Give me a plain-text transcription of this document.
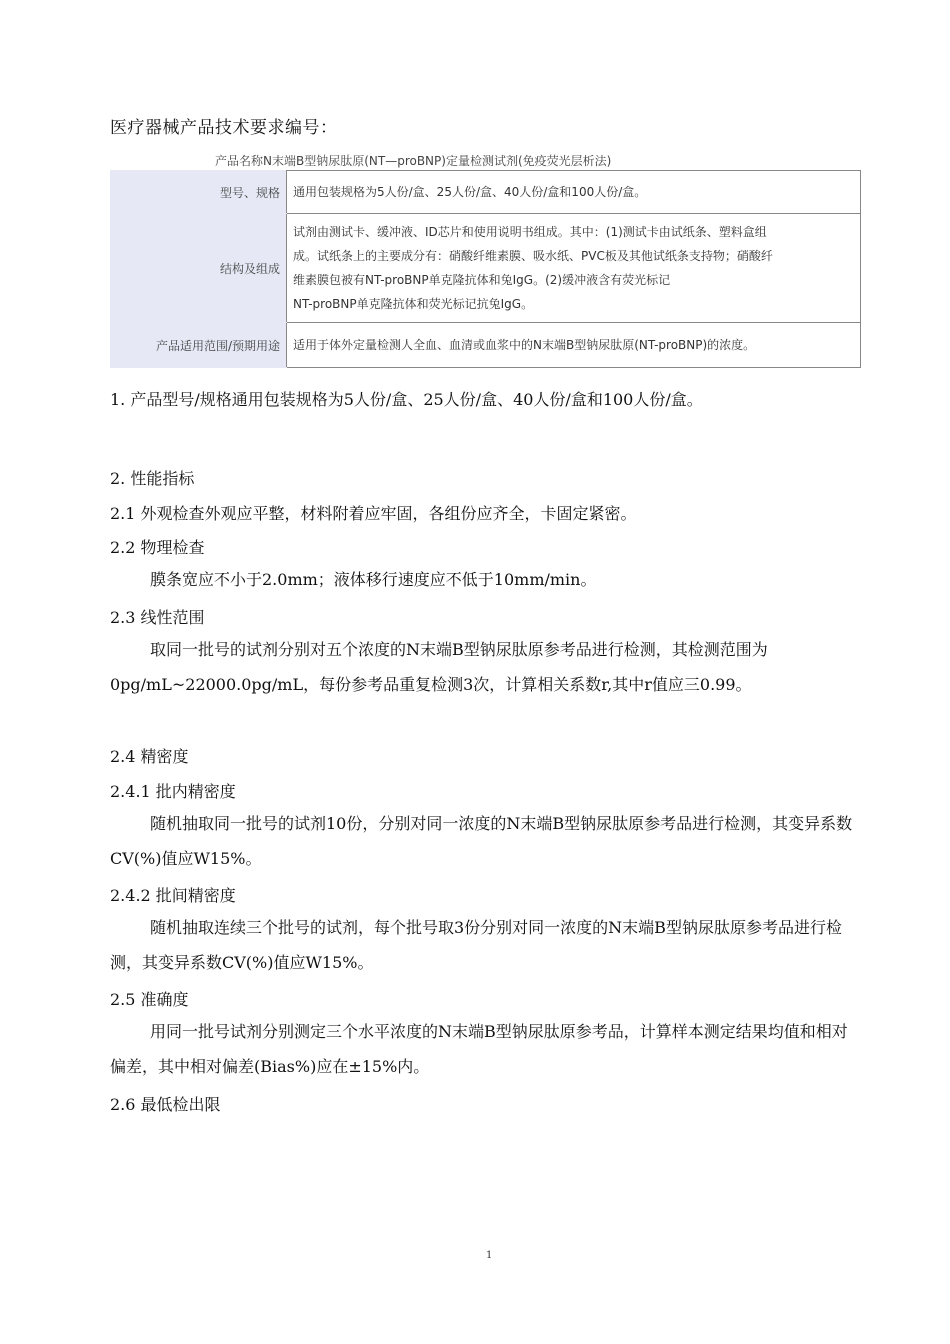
医疗器械产品技术要求编号：
产品名称N末端B型钠尿肽原(NT—proBNP)定量检测试剂(免疫荧光层析法)
型号、规格	通用包装规格为5人份/盒、25人份/盒、40人份/盒和100人份/盒。
结构及组成	试剂由测试卡、缓冲液、ID芯片和使用说明书组成。其中：(1)测试卡由试纸条、塑料盒组
成。试纸条上的主要成分有：硝酸纤维素膜、吸水纸、PVC板及其他试纸条支持物；硝酸纤
维素膜包被有NT-proBNP单克隆抗体和兔IgG。(2)缓冲液含有荧光标记
NT-proBNP单克隆抗体和荧光标记抗兔IgG。

产品适用范围/预期用途	适用于体外定量检测人全血、血清或血浆中的N末端B型钠尿肽原(NT-proBNP)的浓度。
1. 产品型号/规格通用包装规格为5人份/盒、25人份/盒、40人份/盒和100人份/盒。
2. 性能指标
2.1 外观检查外观应平整，材料附着应牢固，各组份应齐全，卡固定紧密。
2.2 物理检查
膜条宽应不小于2.0mm；液体移行速度应不低于10mm/min。
2.3 线性范围
取同一批号的试剂分别对五个浓度的N末端B型钠尿肽原参考品进行检测，其检测范围为0pg/mL~22000.0pg/mL，每份参考品重复检测3次，计算相关系数r,其中r值应三0.99。
2.4 精密度
2.4.1 批内精密度
随机抽取同一批号的试剂10份，分别对同一浓度的N末端B型钠尿肽原参考品进行检测，其变异系数CV(%)值应W15%。
2.4.2 批间精密度
随机抽取连续三个批号的试剂，每个批号取3份分别对同一浓度的N末端B型钠尿肽原参考品进行检测，其变异系数CV(%)值应W15%。
2.5 准确度
用同一批号试剂分别测定三个水平浓度的N末端B型钠尿肽原参考品，计算样本测定结果均值和相对偏差，其中相对偏差(Bias%)应在±15%内。
2.6 最低检出限
1
